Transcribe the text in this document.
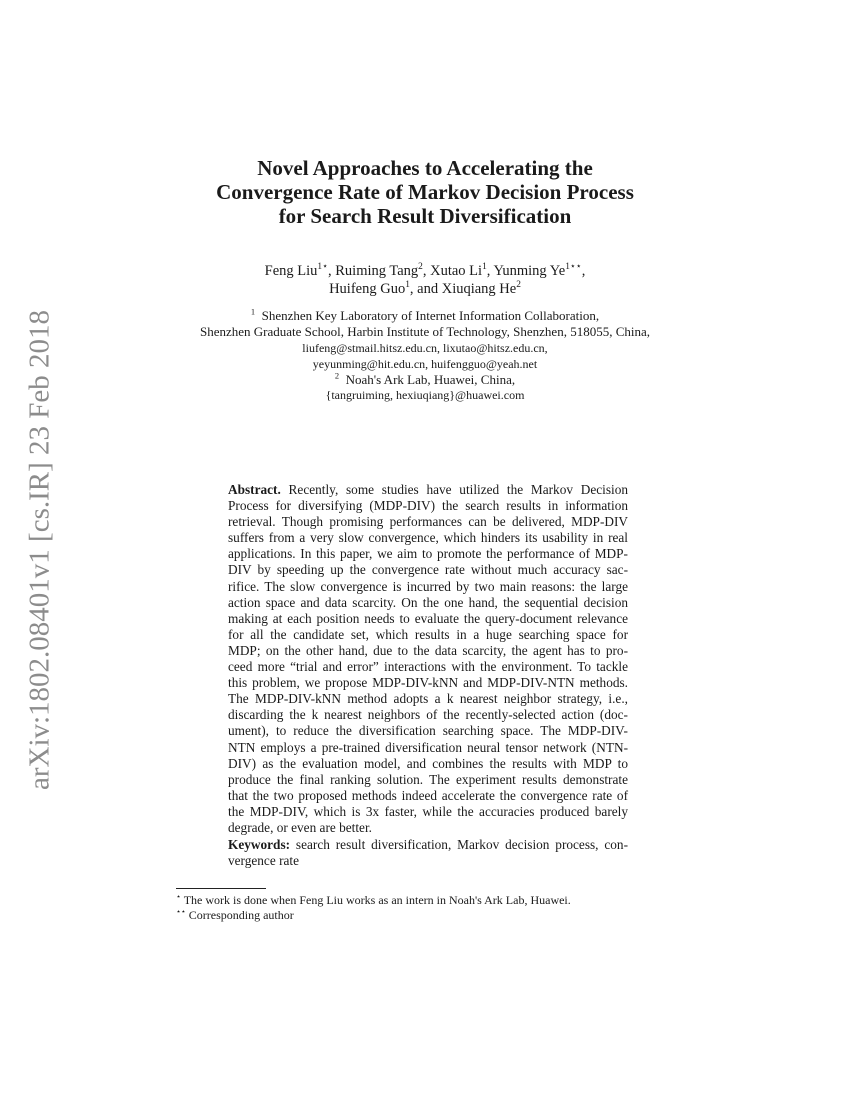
arXiv:1802.08401v1 [cs.IR] 23 Feb 2018
Novel Approaches to Accelerating the
Convergence Rate of Markov Decision Process
for Search Result Diversification
Feng Liu$^{1⋆}$, Ruiming Tang$^2$, Xutao Li$^1$, Yunming $Ye^{1⋆⋆}$,
Huifeng Guo$^1$, and Xiuqiang He$^2$
$^1$ Shenzhen Key Laboratory of Internet Information Collaboration,
Shenzhen Graduate School, Harbin Institute of Technology, Shenzhen, 518055, China,
liufeng@stmail.hitsz.edu.cn, lixutao@hitsz.edu.cn,
yeyunming@hit.edu.cn, huifengguo@yeah.net
$^2$ Noah's Ark Lab, Huawei, China,
{tangruiming, hexiuqiang}@huawei.com
Abstract. Recently, some studies have utilized the Markov Decision
Process for diversifying (MDP-DIV) the search results in information
retrieval. Though promising performances can be delivered, MDP-DIV
suffers from a very slow convergence, which hinders its usability in real
applications. In this paper, we aim to promote the performance of MDP-
DIV by speeding up the convergence rate without much accuracy sac-
rifice. The slow convergence is incurred by two main reasons: the large
action space and data scarcity. On the one hand, the sequential decision
making at each position needs to evaluate the query-document relevance
for all the candidate set, which results in a huge searching space for
MDP; on the other hand, due to the data scarcity, the agent has to pro-
ceed more “trial and error” interactions with the environment. To tackle
this problem, we propose MDP-DIV-kNN and MDP-DIV-NTN methods.
The MDP-DIV-kNN method adopts a k nearest neighbor strategy, i.e.,
discarding the k nearest neighbors of the recently-selected action (doc-
ument), to reduce the diversification searching space. The MDP-DIV-
NTN employs a pre-trained diversification neural tensor network (NTN-
DIV) as the evaluation model, and combines the results with MDP to
produce the final ranking solution. The experiment results demonstrate
that the two proposed methods indeed accelerate the convergence rate of
the MDP-DIV, which is 3x faster, while the accuracies produced barely
degrade, or even are better.
Keywords: search result diversification, Markov decision process, con-
vergence rate
⋆ The work is done when Feng Liu works as an intern in Noah's Ark Lab, Huawei.
⋆⋆ Corresponding author
